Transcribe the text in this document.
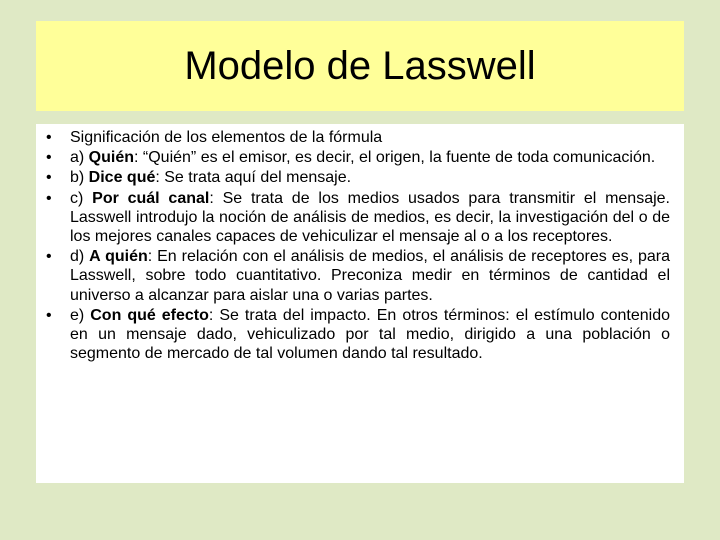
Modelo de Lasswell
• Significación de los elementos de la fórmula
• a) Quién: “Quién” es el emisor, es decir, el origen, la fuente de toda comunicación.
• b) Dice qué: Se trata aquí del mensaje.
• c) Por cuál canal: Se trata de los medios usados para transmitir el mensaje. Lasswell introdujo la noción de análisis de medios, es decir, la investigación del o de los mejores canales capaces de vehiculizar el mensaje al o a los receptores.
• d) A quién: En relación con el análisis de medios, el análisis de receptores es, para Lasswell, sobre todo cuantitativo. Preconiza medir en términos de cantidad el universo a alcanzar para aislar una o varias partes.
• e) Con qué efecto: Se trata del impacto. En otros términos: el estímulo contenido en un mensaje dado, vehiculizado por tal medio, dirigido a una población o segmento de mercado de tal volumen dando tal resultado.
